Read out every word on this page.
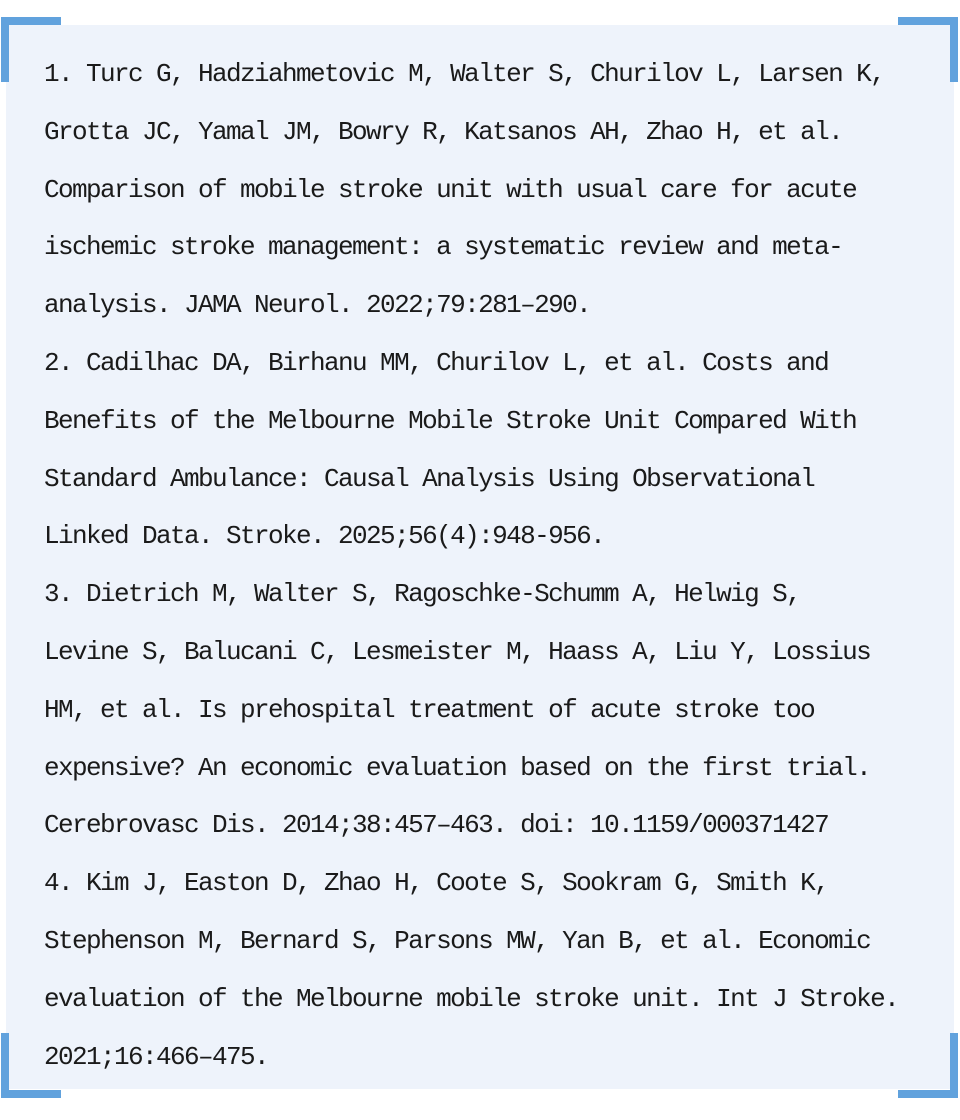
1. Turc G, Hadziahmetovic M, Walter S, Churilov L, Larsen K,
Grotta JC, Yamal JM, Bowry R, Katsanos AH, Zhao H, et al.
Comparison of mobile stroke unit with usual care for acute
ischemic stroke management: a systematic review and meta-
analysis. JAMA Neurol. 2022;79:281–290.
2. Cadilhac DA, Birhanu MM, Churilov L, et al. Costs and
Benefits of the Melbourne Mobile Stroke Unit Compared With
Standard Ambulance: Causal Analysis Using Observational
Linked Data. Stroke. 2025;56(4):948-956.
3. Dietrich M, Walter S, Ragoschke-Schumm A, Helwig S,
Levine S, Balucani C, Lesmeister M, Haass A, Liu Y, Lossius
HM, et al. Is prehospital treatment of acute stroke too
expensive? An economic evaluation based on the first trial.
Cerebrovasc Dis. 2014;38:457–463. doi: 10.1159/000371427
4. Kim J, Easton D, Zhao H, Coote S, Sookram G, Smith K,
Stephenson M, Bernard S, Parsons MW, Yan B, et al. Economic
evaluation of the Melbourne mobile stroke unit. Int J Stroke.
2021;16:466–475.
